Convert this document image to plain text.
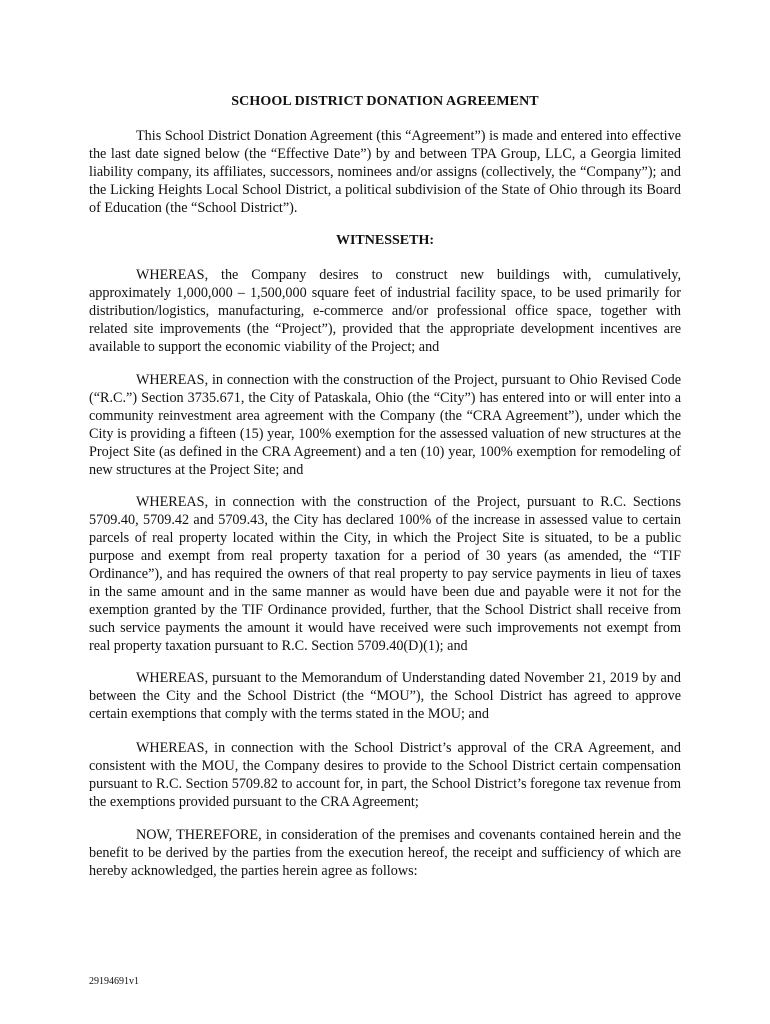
SCHOOL DISTRICT DONATION AGREEMENT

This School District Donation Agreement (this “Agreement”) is made and entered into effective the last date signed below (the “Effective Date”) by and between TPA Group, LLC, a Georgia limited liability company, its affiliates, successors, nominees and/or assigns (collectively, the “Company”); and the Licking Heights Local School District, a political subdivision of the State of Ohio through its Board of Education (the “School District”).

WITNESSETH:

WHEREAS, the Company desires to construct new buildings with, cumulatively, approximately 1,000,000 – 1,500,000 square feet of industrial facility space, to be used primarily for distribution/logistics, manufacturing, e-commerce and/or professional office space, together with related site improvements (the “Project”), provided that the appropriate development incentives are available to support the economic viability of the Project; and

WHEREAS, in connection with the construction of the Project, pursuant to Ohio Revised Code (“R.C.”) Section 3735.671, the City of Pataskala, Ohio (the “City”) has entered into or will enter into a community reinvestment area agreement with the Company (the “CRA Agreement”), under which the City is providing a fifteen (15) year, 100% exemption for the assessed valuation of new structures at the Project Site (as defined in the CRA Agreement) and a ten (10) year, 100% exemption for remodeling of new structures at the Project Site; and

WHEREAS, in connection with the construction of the Project, pursuant to R.C. Sections 5709.40, 5709.42 and 5709.43, the City has declared 100% of the increase in assessed value to certain parcels of real property located within the City, in which the Project Site is situated, to be a public purpose and exempt from real property taxation for a period of 30 years (as amended, the “TIF Ordinance”), and has required the owners of that real property to pay service payments in lieu of taxes in the same amount and in the same manner as would have been due and payable were it not for the exemption granted by the TIF Ordinance provided, further, that the School District shall receive from such service payments the amount it would have received were such improvements not exempt from real property taxation pursuant to R.C. Section 5709.40(D)(1); and

WHEREAS, pursuant to the Memorandum of Understanding dated November 21, 2019 by and between the City and the School District (the “MOU”), the School District has agreed to approve certain exemptions that comply with the terms stated in the MOU; and

WHEREAS, in connection with the School District’s approval of the CRA Agreement, and consistent with the MOU, the Company desires to provide to the School District certain compensation pursuant to R.C. Section 5709.82 to account for, in part, the School District’s foregone tax revenue from the exemptions provided pursuant to the CRA Agreement;

NOW, THEREFORE, in consideration of the premises and covenants contained herein and the benefit to be derived by the parties from the execution hereof, the receipt and sufficiency of which are hereby acknowledged, the parties herein agree as follows:

29194691v1
